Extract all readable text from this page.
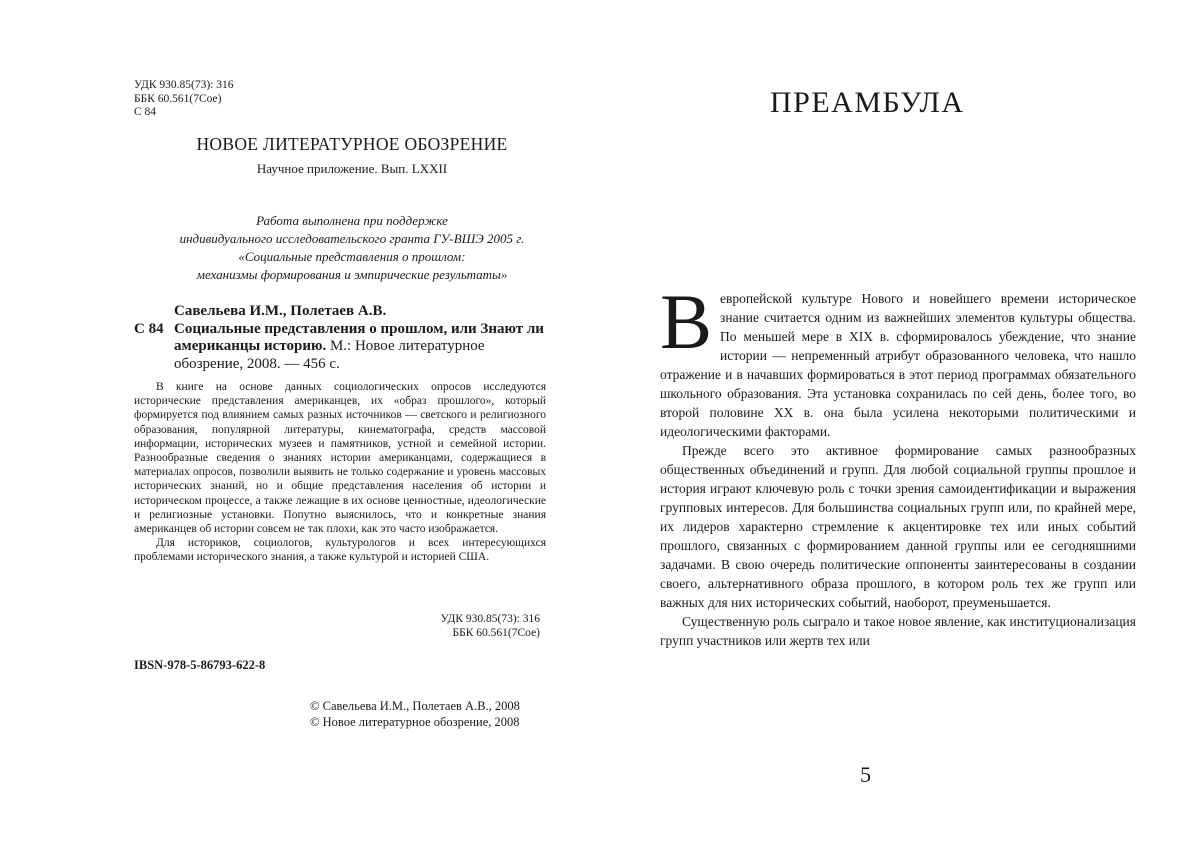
УДК 930.85(73): 316
ББК 60.561(7Сое)
С 84
НОВОЕ ЛИТЕРАТУРНОЕ ОБОЗРЕНИЕ
Научное приложение. Вып. LXXII
Работа выполнена при поддержке
индивидуального исследовательского гранта ГУ-ВШЭ 2005 г.
«Социальные представления о прошлом:
механизмы формирования и эмпирические результаты»
Савельева И.М., Полетаев А.В.
С 84 Социальные представления о прошлом, или Знают ли американцы историю. М.: Новое литературное обозрение, 2008. — 456 с.

В книге на основе данных социологических опросов исследуются исторические представления американцев, их «образ прошлого», который формируется под влиянием самых разных источников — светского и религиозного образования, популярной литературы, кинематографа, средств массовой информации, исторических музеев и памятников, устной и семейной истории. Разнообразные сведения о знаниях истории американцами, содержащиеся в материалах опросов, позволили выявить не только содержание и уровень массовых исторических знаний, но и общие представления населения об истории и историческом процессе, а также лежащие в их основе ценностные, идеологические и религиозные установки. Попутно выяснилось, что и конкретные знания американцев об истории совсем не так плохи, как это часто изображается.

Для историков, социологов, культурологов и всех интересующихся проблемами исторического знания, а также культурой и историей США.

УДК 930.85(73): 316
ББК 60.561(7Сое)
IBSN-978-5-86793-622-8
© Савельева И.М., Полетаев А.В., 2008
© Новое литературное обозрение, 2008
ПРЕАМБУЛА

В европейской культуре Нового и новейшего времени историческое знание считается одним из важнейших элементов культуры общества. По меньшей мере в XIX в. сформировалось убеждение, что знание истории — непременный атрибут образованного человека, что нашло отражение и в начавших формироваться в этот период программах обязательного школьного образования. Эта установка сохранилась по сей день, более того, во второй половине XX в. она была усилена некоторыми политическими и идеологическими факторами.

Прежде всего это активное формирование самых разнообразных общественных объединений и групп. Для любой социальной группы прошлое и история играют ключевую роль с точки зрения самоидентификации и выражения групповых интересов. Для большинства социальных групп или, по крайней мере, их лидеров характерно стремление к акцентировке тех или иных событий прошлого, связанных с формированием данной группы или ее сегодняшними задачами. В свою очередь политические оппоненты заинтересованы в создании своего, альтернативного образа прошлого, в котором роль тех же групп или важных для них исторических событий, наоборот, преуменьшается.

Существенную роль сыграло и такое новое явление, как институционализация групп участников или жертв тех или

5
